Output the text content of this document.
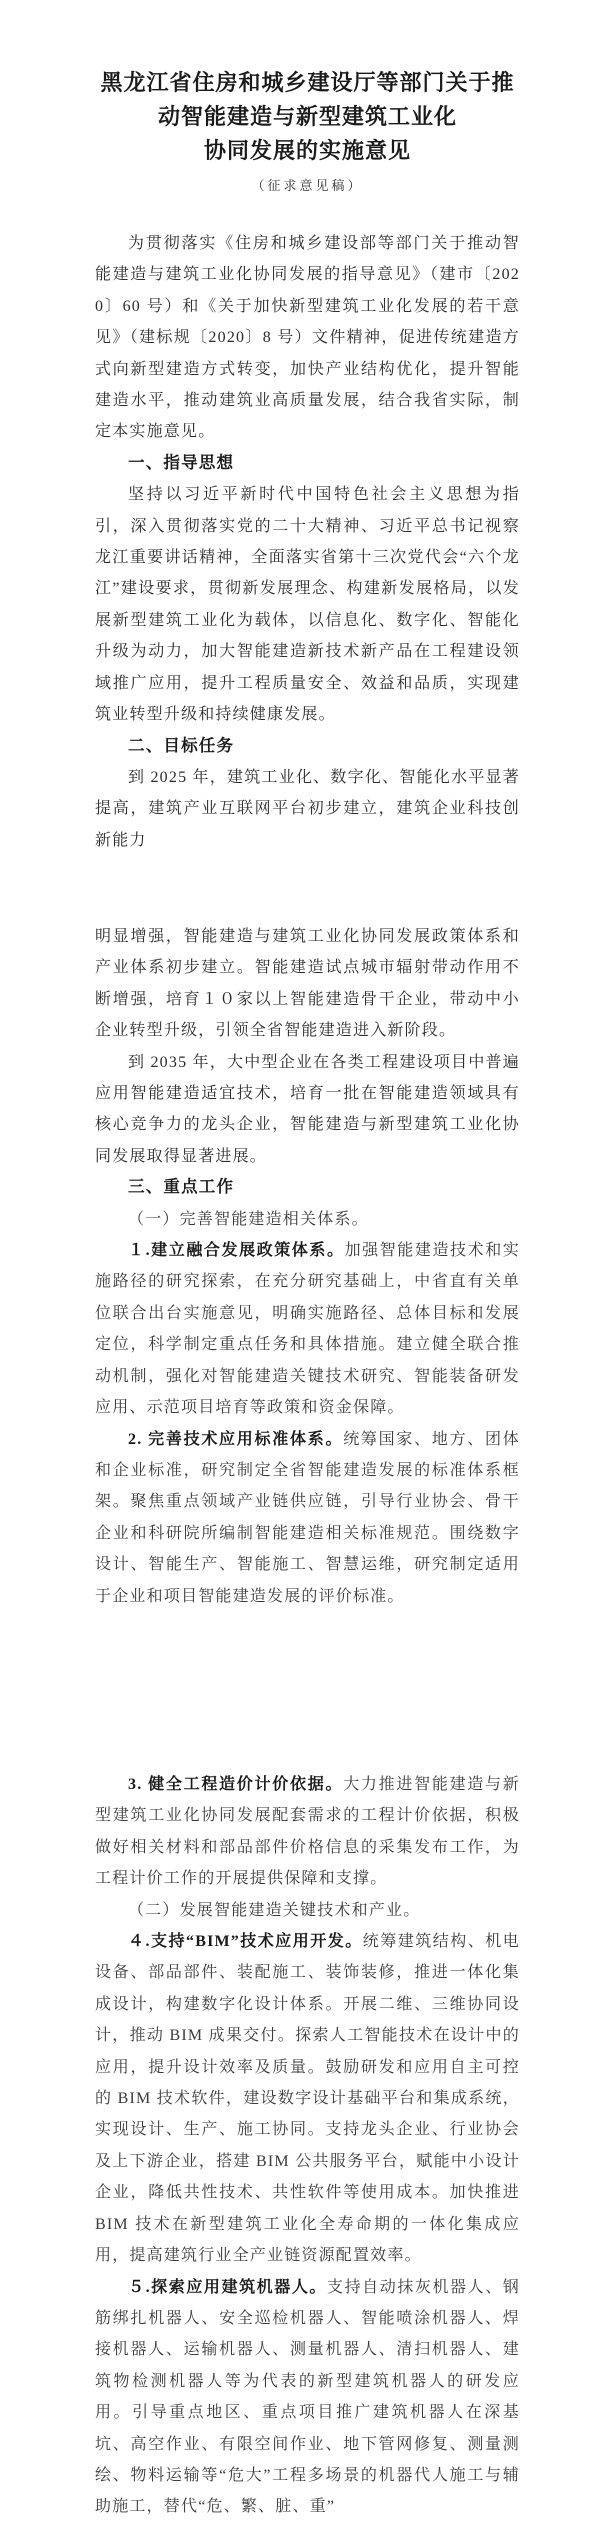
黑龙江省住房和城乡建设厅等部门关于推
动智能建造与新型建筑工业化
协同发展的实施意见
（征求意见稿）

为贯彻落实《住房和城乡建设部等部门关于推动智能建造与建筑工业化协同发展的指导意见》（建市〔2020〕60 号）和《关于加快新型建筑工业化发展的若干意见》（建标规〔2020〕8 号）文件精神，促进传统建造方式向新型建造方式转变，加快产业结构优化，提升智能建造水平，推动建筑业高质量发展，结合我省实际，制定本实施意见。

一、指导思想

坚持以习近平新时代中国特色社会主义思想为指引，深入贯彻落实党的二十大精神、习近平总书记视察龙江重要讲话精神，全面落实省第十三次党代会“六个龙江”建设要求，贯彻新发展理念、构建新发展格局，以发展新型建筑工业化为载体，以信息化、数字化、智能化升级为动力，加大智能建造新技术新产品在工程建设领域推广应用，提升工程质量安全、效益和品质，实现建筑业转型升级和持续健康发展。

二、目标任务

到 2025 年，建筑工业化、数字化、智能化水平显著提高，建筑产业互联网平台初步建立，建筑企业科技创新能力

明显增强，智能建造与建筑工业化协同发展政策体系和产业体系初步建立。智能建造试点城市辐射带动作用不断增强，培育１０家以上智能建造骨干企业，带动中小企业转型升级，引领全省智能建造进入新阶段。

到 2035 年，大中型企业在各类工程建设项目中普遍应用智能建造适宜技术，培育一批在智能建造领域具有核心竞争力的龙头企业，智能建造与新型建筑工业化协同发展取得显著进展。

三、重点工作

（一）完善智能建造相关体系。

１.建立融合发展政策体系。加强智能建造技术和实施路径的研究探索，在充分研究基础上，中省直有关单位联合出台实施意见，明确实施路径、总体目标和发展定位，科学制定重点任务和具体措施。建立健全联合推动机制，强化对智能建造关键技术研究、智能装备研发应用、示范项目培育等政策和资金保障。

2. 完善技术应用标准体系。统筹国家、地方、团体和企业标准，研究制定全省智能建造发展的标准体系框架。聚焦重点领域产业链供应链，引导行业协会、骨干企业和科研院所编制智能建造相关标准规范。围绕数字设计、智能生产、智能施工、智慧运维，研究制定适用于企业和项目智能建造发展的评价标准。

3. 健全工程造价计价依据。大力推进智能建造与新型建筑工业化协同发展配套需求的工程计价依据，积极做好相关材料和部品部件价格信息的采集发布工作，为工程计价工作的开展提供保障和支撑。

（二）发展智能建造关键技术和产业。

４.支持“BIM”技术应用开发。统筹建筑结构、机电设备、部品部件、装配施工、装饰装修，推进一体化集成设计，构建数字化设计体系。开展二维、三维协同设计，推动 BIM 成果交付。探索人工智能技术在设计中的应用，提升设计效率及质量。鼓励研发和应用自主可控的 BIM 技术软件，建设数字设计基础平台和集成系统，实现设计、生产、施工协同。支持龙头企业、行业协会及上下游企业，搭建 BIM 公共服务平台，赋能中小设计企业，降低共性技术、共性软件等使用成本。加快推进 BIM 技术在新型建筑工业化全寿命期的一体化集成应用，提高建筑行业全产业链资源配置效率。

５.探索应用建筑机器人。支持自动抹灰机器人、钢筋绑扎机器人、安全巡检机器人、智能喷涂机器人、焊接机器人、运输机器人、测量机器人、清扫机器人、建筑物检测机器人等为代表的新型建筑机器人的研发应用。引导重点地区、重点项目推广建筑机器人在深基坑、高空作业、有限空间作业、地下管网修复、测量测绘、物料运输等“危大”工程多场景的机器代人施工与辅助施工，替代“危、繁、脏、重”
